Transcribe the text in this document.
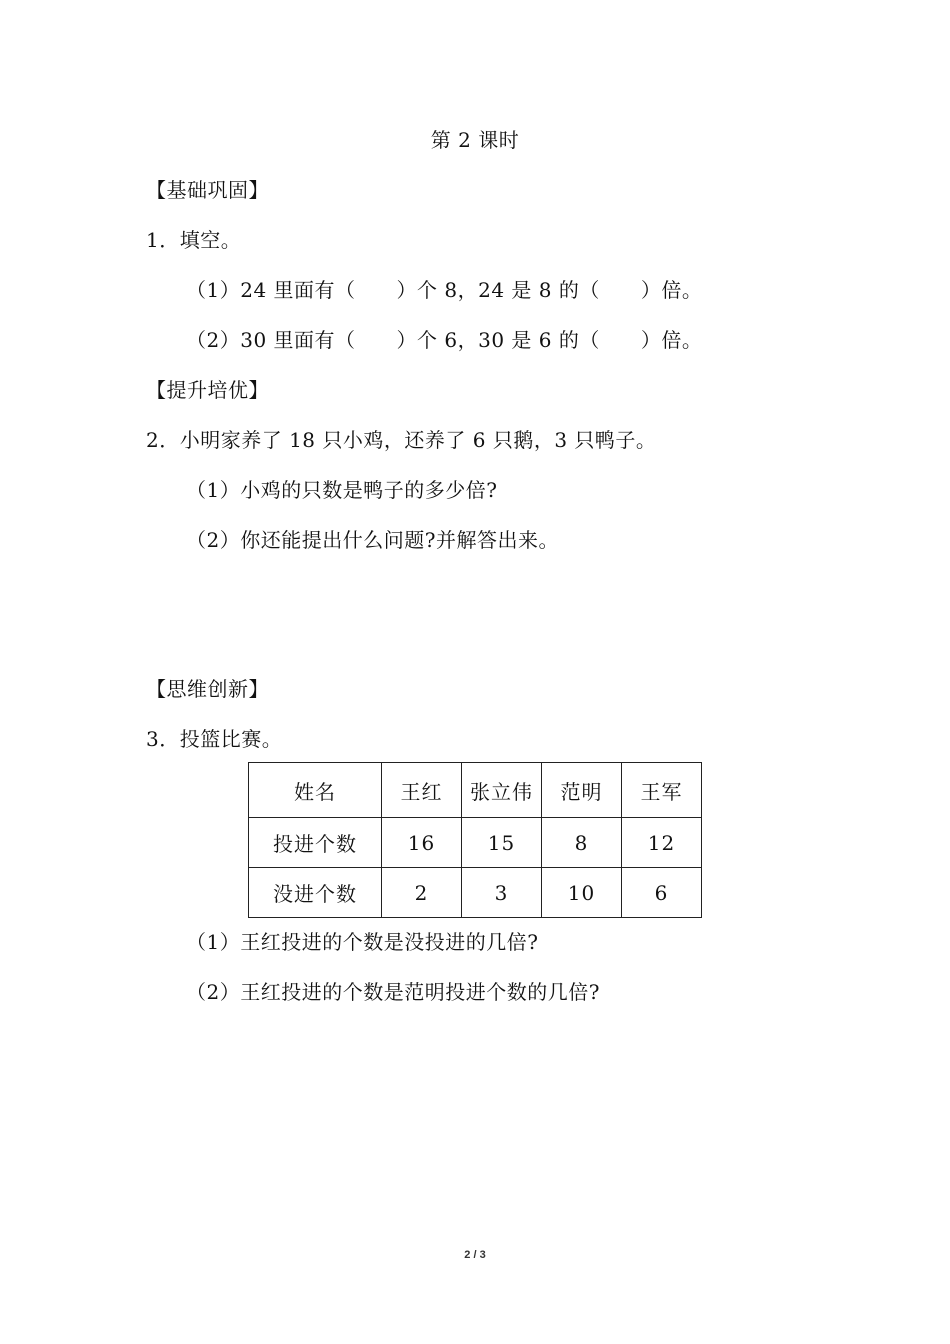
第 2 课时
【基础巩固】
1．填空。
（1）24 里面有（　　）个 8，24 是 8 的（　　）倍。
（2）30 里面有（　　）个 6，30 是 6 的（　　）倍。
【提升培优】
2．小明家养了 18 只小鸡，还养了 6 只鹅，3 只鸭子。
（1）小鸡的只数是鸭子的多少倍?
（2）你还能提出什么问题?并解答出来。
【思维创新】
3．投篮比赛。
姓名	王红	张立伟	范明	王军
投进个数	16	15	8	12
没进个数	2	3	10	6
（1）王红投进的个数是没投进的几倍?
（2）王红投进的个数是范明投进个数的几倍?
2 / 3
